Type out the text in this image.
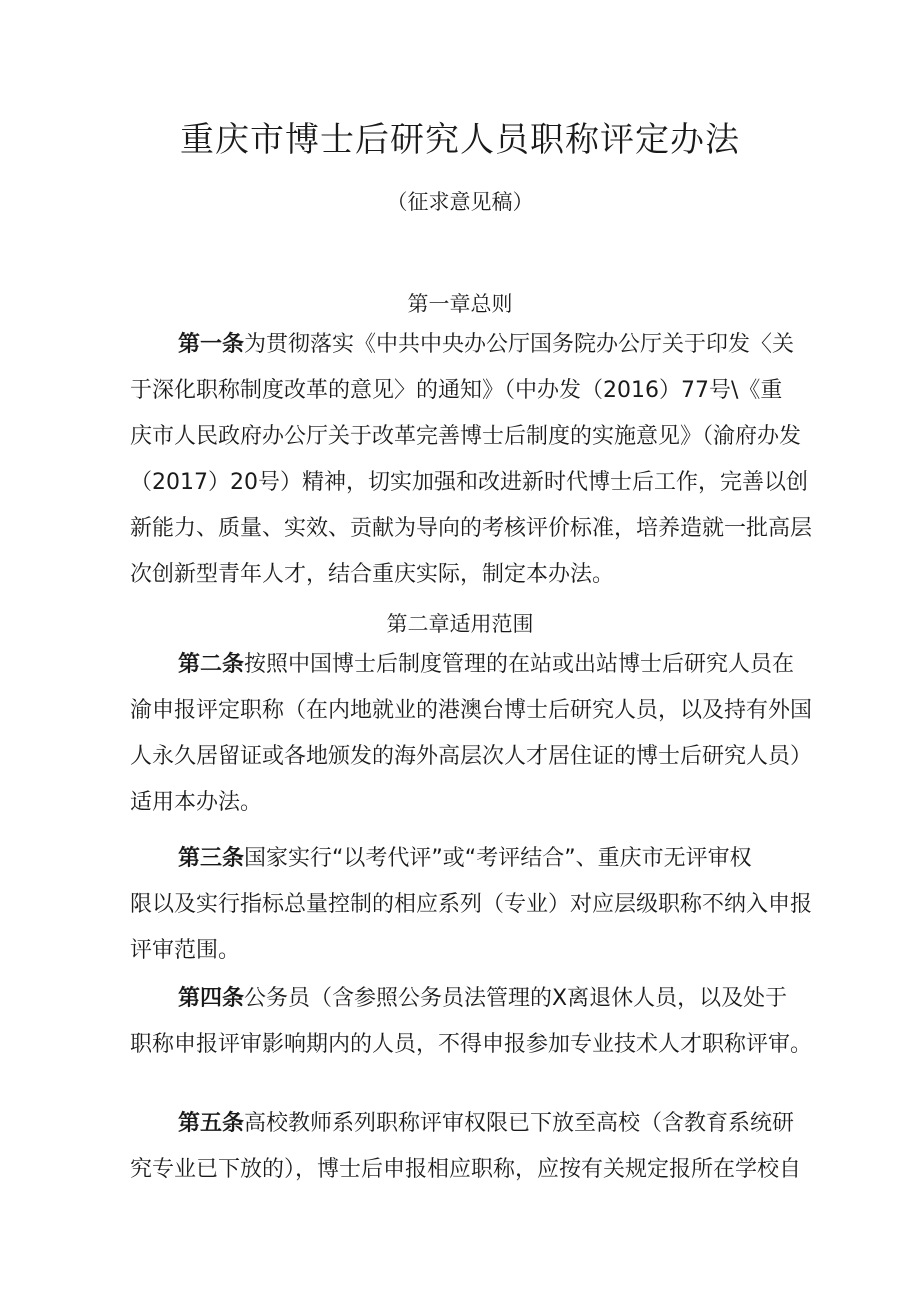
重庆市博士后研究人员职称评定办法
（征求意见稿）
第一章总则
第一条为贯彻落实《中共中央办公厅国务院办公厅关于印发〈关
于深化职称制度改革的意见〉的通知》（中办发（2016）77号\《重
庆市人民政府办公厅关于改革完善博士后制度的实施意见》（渝府办发
（2017）20号）精神，切实加强和改进新时代博士后工作，完善以创
新能力、质量、实效、贡献为导向的考核评价标准，培养造就一批高层
次创新型青年人才，结合重庆实际，制定本办法。
第二章适用范围
第二条按照中国博士后制度管理的在站或出站博士后研究人员在
渝申报评定职称（在内地就业的港澳台博士后研究人员，以及持有外国
人永久居留证或各地颁发的海外高层次人才居住证的博士后研究人员）
适用本办法。
第三条国家实行“以考代评”或“考评结合”、重庆市无评审权
限以及实行指标总量控制的相应系列（专业）对应层级职称不纳入申报
评审范围。
第四条公务员（含参照公务员法管理的X离退休人员，以及处于
职称申报评审影响期内的人员，不得申报参加专业技术人才职称评审。
第五条高校教师系列职称评审权限已下放至高校（含教育系统研
究专业已下放的），博士后申报相应职称，应按有关规定报所在学校自
